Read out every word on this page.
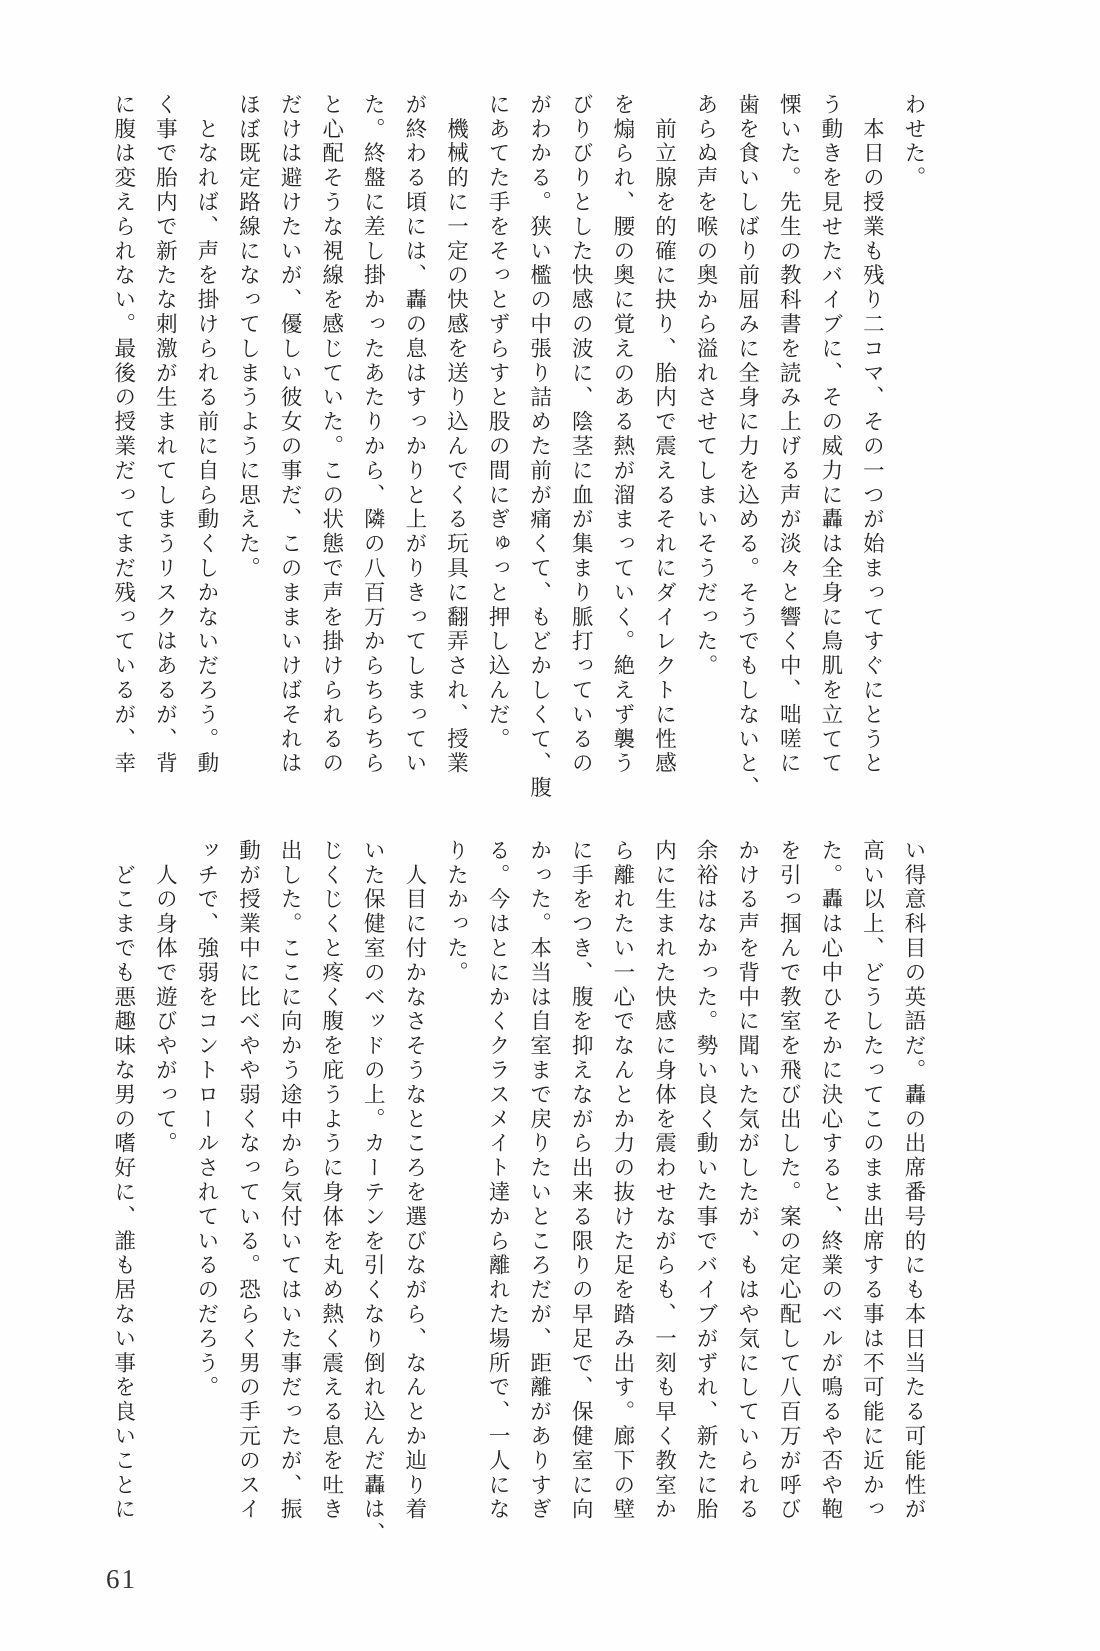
わせた。

　本日の授業も残り二コマ、その一つが始まってすぐにとうと

う動きを見せたバイブに、その威力に轟は全身に鳥肌を立てて

慄いた。先生の教科書を読み上げる声が淡々と響く中、咄嗟に

歯を食いしばり前屈みに全身に力を込める。そうでもしないと、

あらぬ声を喉の奥から溢れさせてしまいそうだった。

　前立腺を的確に抉り、胎内で震えるそれにダイレクトに性感

を煽られ、腰の奥に覚えのある熱が溜まっていく。絶えず襲う

びりびりとした快感の波に、陰茎に血が集まり脈打っているの

がわかる。狭い檻の中張り詰めた前が痛くて、もどかしくて、腹

にあてた手をそっとずらすと股の間にぎゅっと押し込んだ。

　機械的に一定の快感を送り込んでくる玩具に翻弄され、授業

が終わる頃には、轟の息はすっかりと上がりきってしまってい

た。終盤に差し掛かったあたりから、隣の八百万からちらちら

と心配そうな視線を感じていた。この状態で声を掛けられるの

だけは避けたいが、優しい彼女の事だ、このままいけばそれは

ほぼ既定路線になってしまうように思えた。

　となれば、声を掛けられる前に自ら動くしかないだろう。動

く事で胎内で新たな刺激が生まれてしまうリスクはあるが、背

に腹は変えられない。最後の授業だってまだ残っているが、幸

い得意科目の英語だ。轟の出席番号的にも本日当たる可能性が

高い以上、どうしたってこのまま出席する事は不可能に近かっ

た。轟は心中ひそかに決心すると、終業のベルが鳴るや否や鞄

を引っ掴んで教室を飛び出した。案の定心配して八百万が呼び

かける声を背中に聞いた気がしたが、もはや気にしていられる

余裕はなかった。勢い良く動いた事でバイブがずれ、新たに胎

内に生まれた快感に身体を震わせながらも、一刻も早く教室か

ら離れたい一心でなんとか力の抜けた足を踏み出す。廊下の壁

に手をつき、腹を抑えながら出来る限りの早足で、保健室に向

かった。本当は自室まで戻りたいところだが、距離がありすぎ

る。今はとにかくクラスメイト達から離れた場所で、一人にな

りたかった。

　人目に付かなさそうなところを選びながら、なんとか辿り着

いた保健室のベッドの上。カーテンを引くなり倒れ込んだ轟は、

じくじくと疼く腹を庇うように身体を丸め熱く震える息を吐き

出した。ここに向かう途中から気付いてはいた事だったが、振

動が授業中に比べやや弱くなっている。恐らく男の手元のスイ

ッチで、強弱をコントロールされているのだろう。

　人の身体で遊びやがって。

　どこまでも悪趣味な男の嗜好に、誰も居ない事を良いことに

61
